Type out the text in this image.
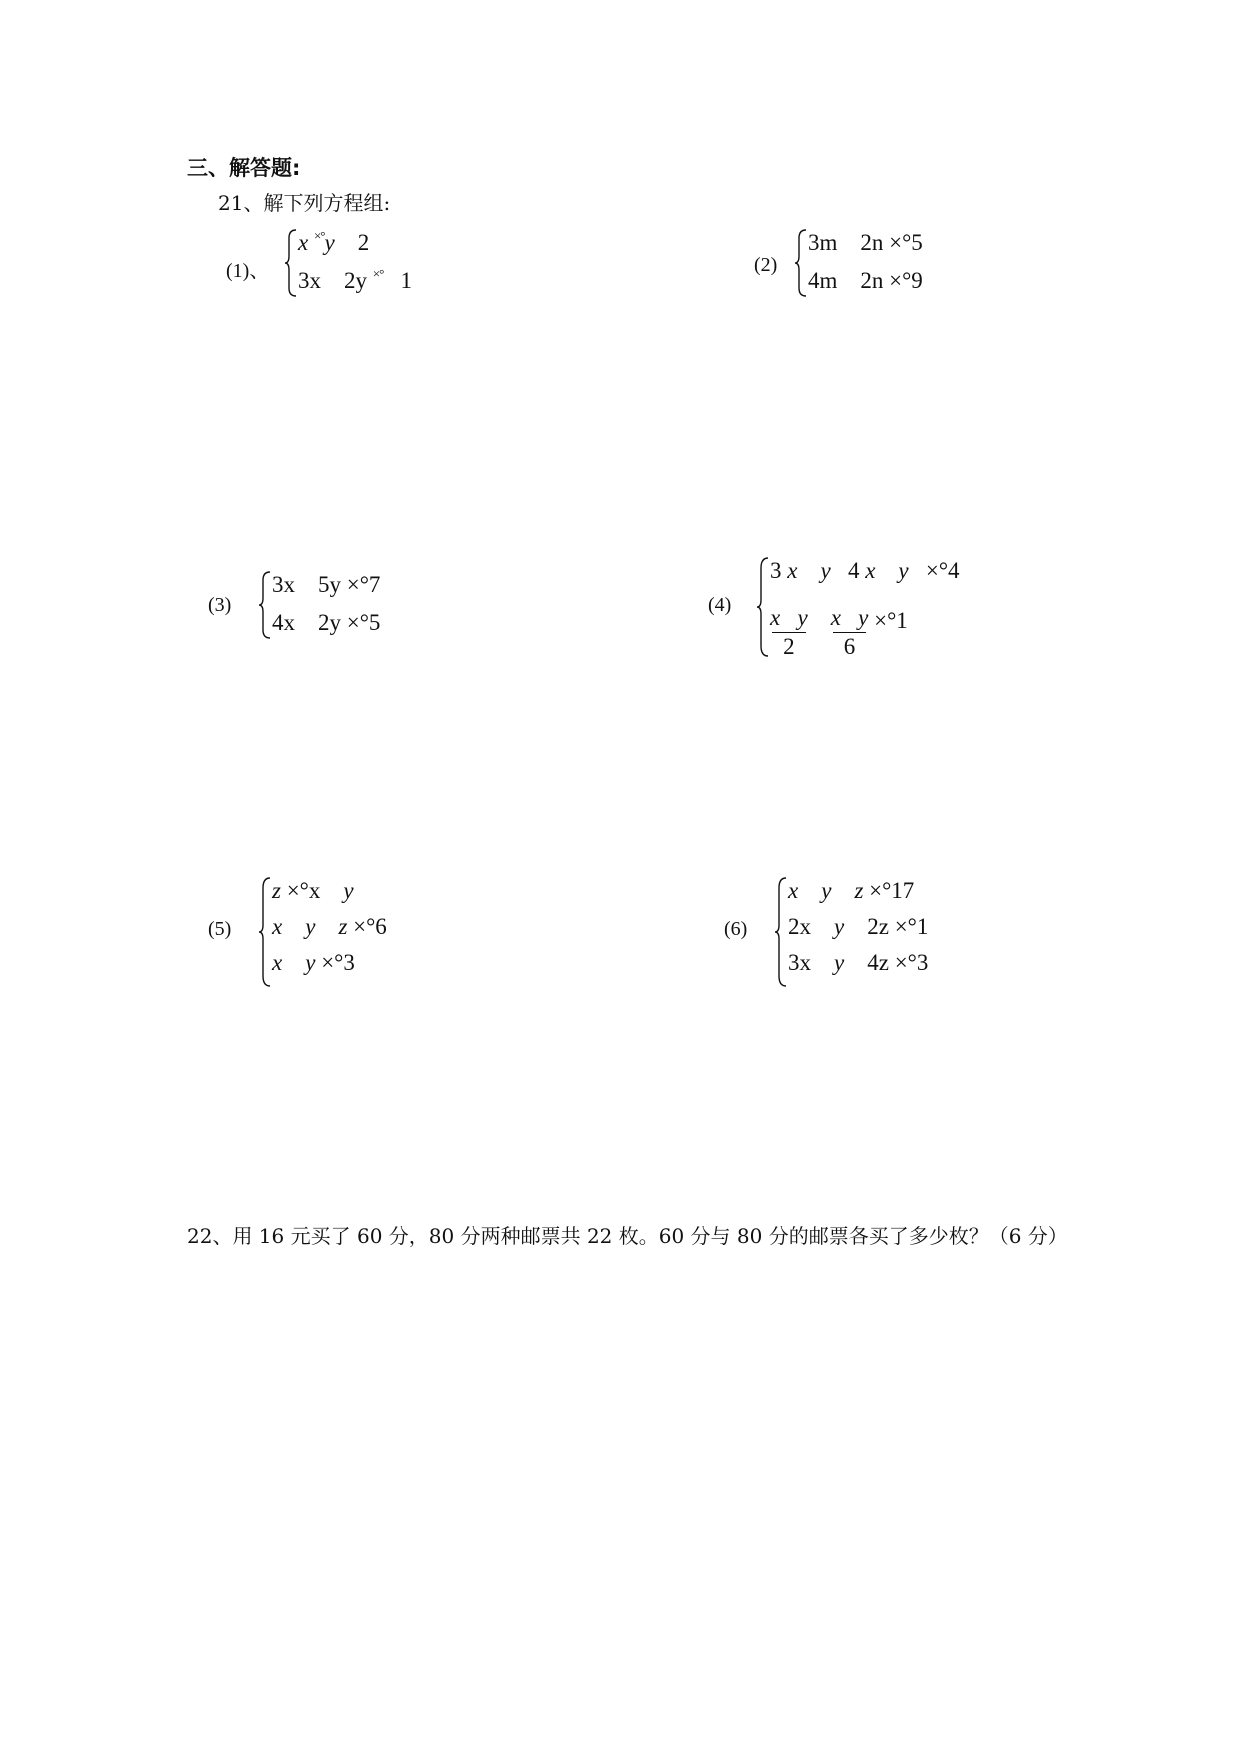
三、解答题:
21、解下列方程组:
(1)、
x ×°y 2
3x 2y ×° 1
(2)
3m 2n ×°5
4m 2n ×°9
(3)
3x 5y ×°7
4x 2y ×°5
(4)
3 x y 4 x y ×°4
$\frac{\text{x y}}{2}$
$\frac{\text{x y}}{6} \times^\circ 1$
(5)
z ×°x y
x y z ×°6
x y ×°3
(6)
x y z ×°17
2x y 2z ×°1
3x y 4z ×°3
22、用 16 元买了 60 分，80 分两种邮票共 22 枚。60 分与 80 分的邮票各买了多少枚？（6 分）
